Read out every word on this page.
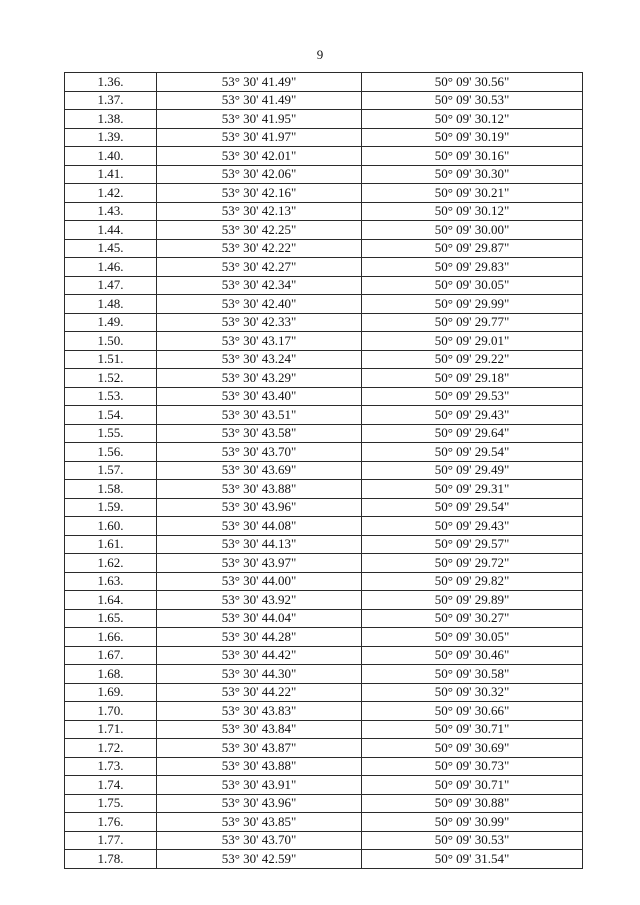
9
1.36.	53° 30' 41.49"	50° 09' 30.56"
1.37.	53° 30' 41.49"	50° 09' 30.53"
1.38.	53° 30' 41.95"	50° 09' 30.12"
1.39.	53° 30' 41.97"	50° 09' 30.19"
1.40.	53° 30' 42.01"	50° 09' 30.16"
1.41.	53° 30' 42.06"	50° 09' 30.30"
1.42.	53° 30' 42.16"	50° 09' 30.21"
1.43.	53° 30' 42.13"	50° 09' 30.12"
1.44.	53° 30' 42.25"	50° 09' 30.00"
1.45.	53° 30' 42.22"	50° 09' 29.87"
1.46.	53° 30' 42.27"	50° 09' 29.83"
1.47.	53° 30' 42.34"	50° 09' 30.05"
1.48.	53° 30' 42.40"	50° 09' 29.99"
1.49.	53° 30' 42.33"	50° 09' 29.77"
1.50.	53° 30' 43.17"	50° 09' 29.01"
1.51.	53° 30' 43.24"	50° 09' 29.22"
1.52.	53° 30' 43.29"	50° 09' 29.18"
1.53.	53° 30' 43.40"	50° 09' 29.53"
1.54.	53° 30' 43.51"	50° 09' 29.43"
1.55.	53° 30' 43.58"	50° 09' 29.64"
1.56.	53° 30' 43.70"	50° 09' 29.54"
1.57.	53° 30' 43.69"	50° 09' 29.49"
1.58.	53° 30' 43.88"	50° 09' 29.31"
1.59.	53° 30' 43.96"	50° 09' 29.54"
1.60.	53° 30' 44.08"	50° 09' 29.43"
1.61.	53° 30' 44.13"	50° 09' 29.57"
1.62.	53° 30' 43.97"	50° 09' 29.72"
1.63.	53° 30' 44.00"	50° 09' 29.82"
1.64.	53° 30' 43.92"	50° 09' 29.89"
1.65.	53° 30' 44.04"	50° 09' 30.27"
1.66.	53° 30' 44.28"	50° 09' 30.05"
1.67.	53° 30' 44.42"	50° 09' 30.46"
1.68.	53° 30' 44.30"	50° 09' 30.58"
1.69.	53° 30' 44.22"	50° 09' 30.32"
1.70.	53° 30' 43.83"	50° 09' 30.66"
1.71.	53° 30' 43.84"	50° 09' 30.71"
1.72.	53° 30' 43.87"	50° 09' 30.69"
1.73.	53° 30' 43.88"	50° 09' 30.73"
1.74.	53° 30' 43.91"	50° 09' 30.71"
1.75.	53° 30' 43.96"	50° 09' 30.88"
1.76.	53° 30' 43.85"	50° 09' 30.99"
1.77.	53° 30' 43.70"	50° 09' 30.53"
1.78.	53° 30' 42.59"	50° 09' 31.54"
